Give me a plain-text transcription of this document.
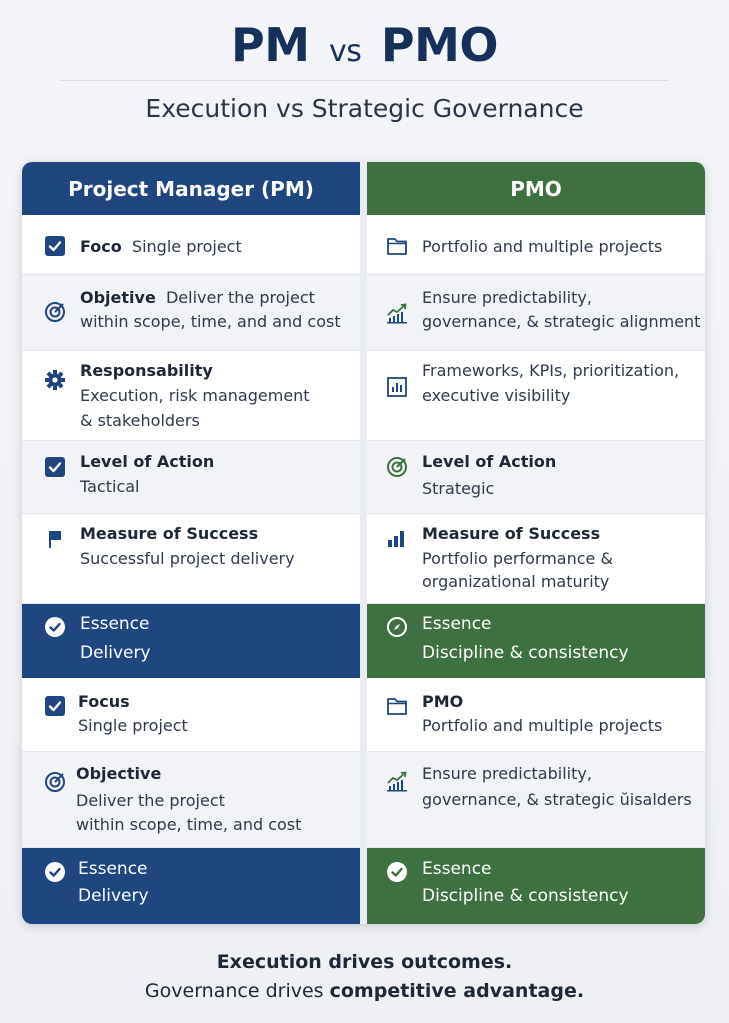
PM vs PMO
Execution vs Strategic Governance
Project Manager (PM)
Foco Single project
Objetive Deliver the project
within scope, time, and and cost
Responsability
Execution, risk management
& stakeholders
Level of Action
Tactical
Measure of Success
Successful project delivery
Essence
Delivery
Focus
Single project
Objective
Deliver the project
within scope, time, and cost
Essence
Delivery
PMO
Portfolio and multiple projects
Ensure predictability,
governance, & strategic alignment
Frameworks, KPIs, prioritization,
executive visibility
Level of Action
Strategic
Measure of Success
Portfolio performance &
organizational maturity
Essence
Discipline & consistency
PMO
Portfolio and multiple projects
Ensure predictability,
governance, & strategic ŭisalders
Essence
Discipline & consistency
Execution drives outcomes.
Governance drives competitive advantage.
